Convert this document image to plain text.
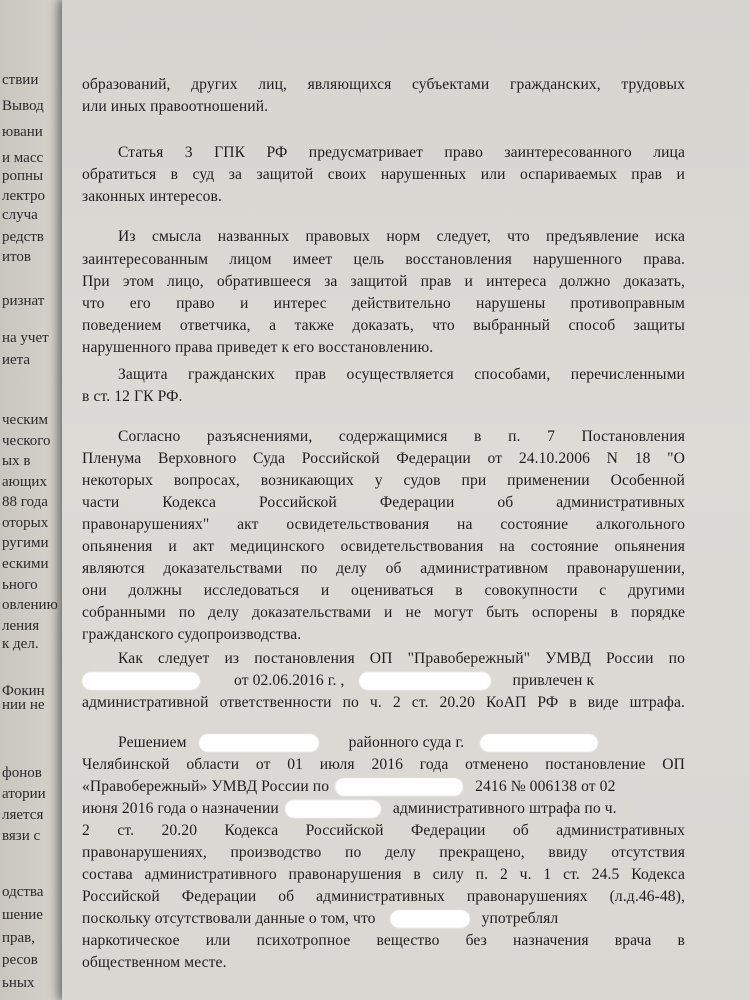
ствии
Вывод
ювани
и масс
ропны
лектро
случа
редств
итов
ризнат
на учет
иета
ческим
ческого
ых в
ающих
88 года
оторых
ругими
ескими
ьного
овлению
ления
к дел.
Фокин
нии не
фонов
атории
ляется
вязи с
одства
шение
прав,
ресов
ьных
образований, других лиц, являющихся субъектами гражданских, трудовых
или иных правоотношений.
Статья 3 ГПК РФ предусматривает право заинтересованного лица
обратиться в суд за защитой своих нарушенных или оспариваемых прав и
законных интересов.
Из смысла названных правовых норм следует, что предъявление иска
заинтересованным лицом имеет цель восстановления нарушенного права.
При этом лицо, обратившееся за защитой прав и интереса должно доказать,
что его право и интерес действительно нарушены противоправным
поведением ответчика, а также доказать, что выбранный способ защиты
нарушенного права приведет к его восстановлению.
Защита гражданских прав осуществляется способами, перечисленными
в ст. 12 ГК РФ.
Согласно разъяснениями, содержащимися в п. 7 Постановления
Пленума Верховного Суда Российской Федерации от 24.10.2006 N 18 "О
некоторых вопросах, возникающих у судов при применении Особенной
части Кодекса Российской Федерации об административных
правонарушениях" акт освидетельствования на состояние алкогольного
опьянения и акт медицинского освидетельствования на состояние опьянения
являются доказательствами по делу об административном правонарушении,
они должны исследоваться и оцениваться в совокупности с другими
собранными по делу доказательствами и не могут быть оспорены в порядке
гражданского судопроизводства.
Как следует из постановления ОП "Правобережный" УМВД России по
от 02.06.2016 г. ,	привлечен к
административной ответственности по ч. 2 ст. 20.20 КоАП РФ в виде штрафа.
Решением	районного суда г.
Челябинской области от 01 июля 2016 года отменено постановление ОП
«Правобережный» УМВД России по	2416 № 006138 от 02
июня 2016 года о назначении	административного штрафа по ч.
2 ст. 20.20 Кодекса Российской Федерации об административных
правонарушениях, производство по делу прекращено, ввиду отсутствия
состава административного правонарушения в силу п. 2 ч. 1 ст. 24.5 Кодекса
Российской Федерации об административных правонарушениях (л.д.46-48),
поскольку отсутствовали данные о том, что	употреблял
наркотическое или психотропное вещество без назначения врача в
общественном месте.
